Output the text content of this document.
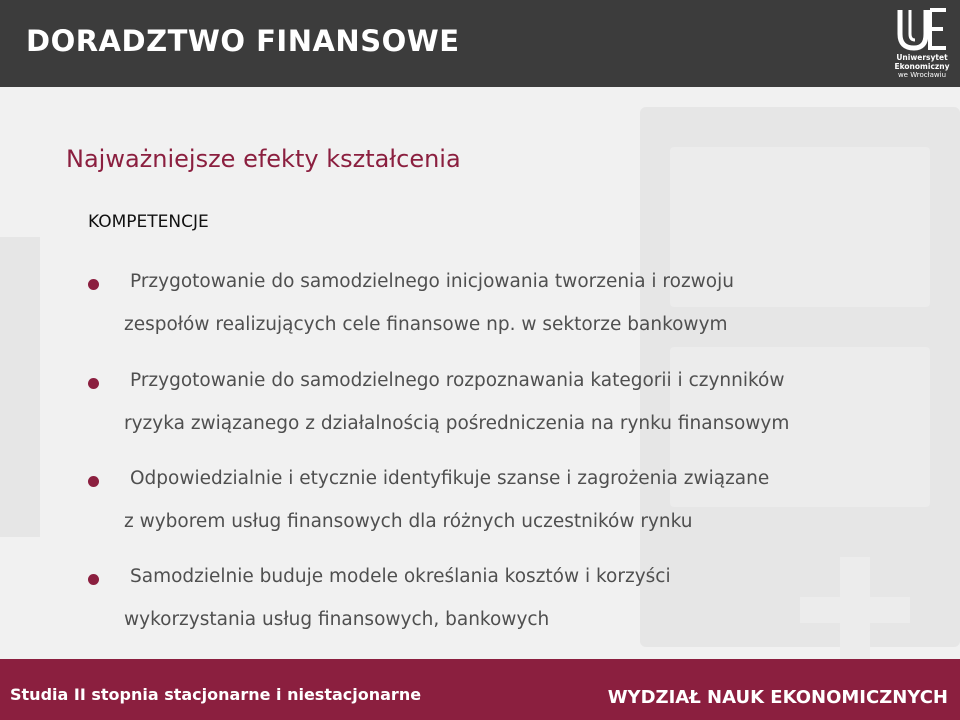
DORADZTWO FINANSOWE	Uniwersytet
Ekonomiczny
we Wrocławiu
Najważniejsze efekty kształcenia
KOMPETENCJE
Przygotowanie do samodzielnego inicjowania tworzenia i rozwoju
zespołów realizujących cele finansowe np. w sektorze bankowym
Przygotowanie do samodzielnego rozpoznawania kategorii i czynników
ryzyka związanego z działalnością pośredniczenia na rynku finansowym
Odpowiedzialnie i etycznie identyfikuje szanse i zagrożenia związane
z wyborem usług finansowych dla różnych uczestników rynku
Samodzielnie buduje modele określania kosztów i korzyści
wykorzystania usług finansowych, bankowych
Studia II stopnia stacjonarne i niestacjonarne	WYDZIAŁ NAUK EKONOMICZNYCH
